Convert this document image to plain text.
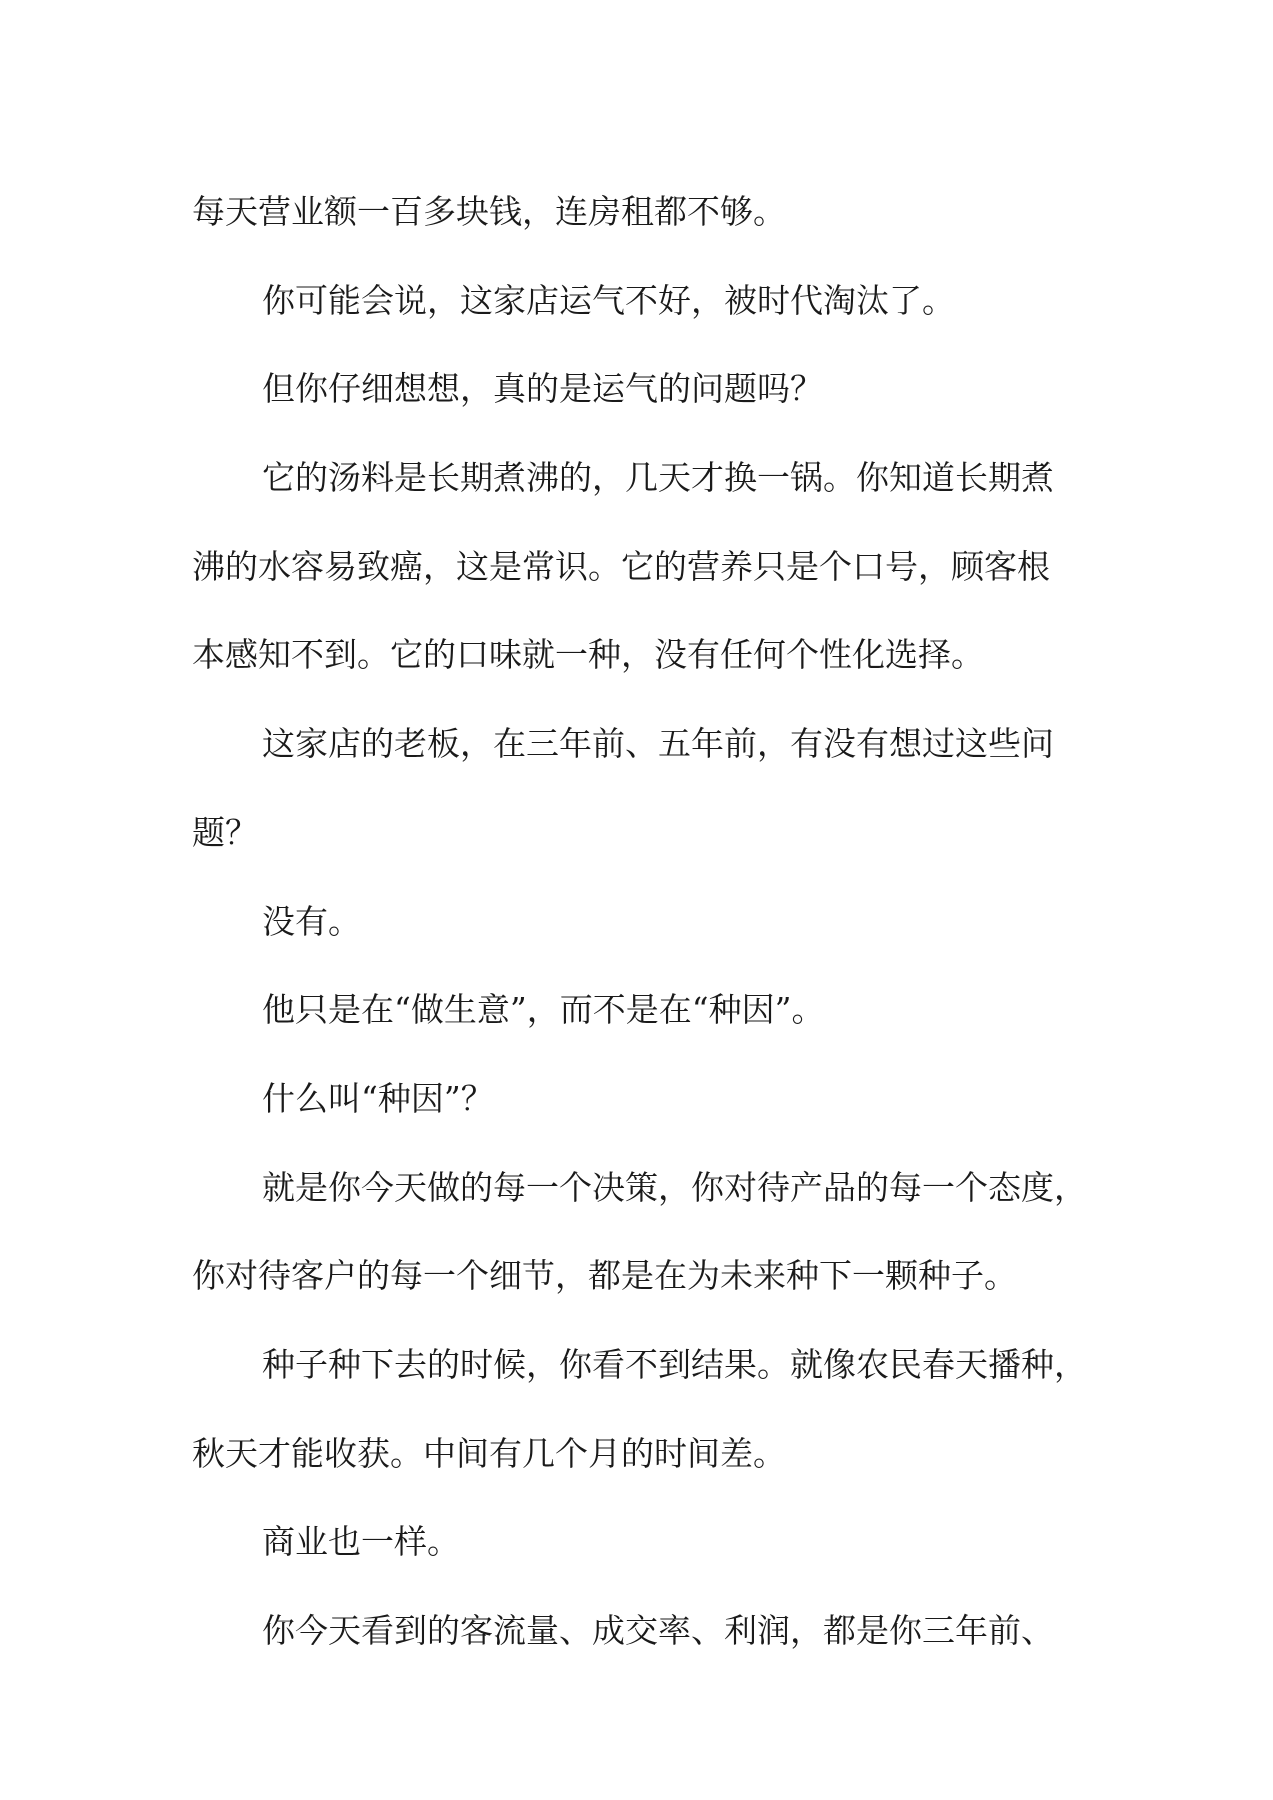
每天营业额一百多块钱，连房租都不够。

你可能会说，这家店运气不好，被时代淘汰了。

但你仔细想想，真的是运气的问题吗？

它的汤料是长期煮沸的，几天才换一锅。你知道长期煮
沸的水容易致癌，这是常识。它的营养只是个口号，顾客根
本感知不到。它的口味就一种，没有任何个性化选择。

这家店的老板，在三年前、五年前，有没有想过这些问
题？

没有。

他只是在“做生意”，而不是在“种因”。

什么叫“种因”？

就是你今天做的每一个决策，你对待产品的每一个态度，
你对待客户的每一个细节，都是在为未来种下一颗种子。

种子种下去的时候，你看不到结果。就像农民春天播种，
秋天才能收获。中间有几个月的时间差。

商业也一样。

你今天看到的客流量、成交率、利润，都是你三年前、
